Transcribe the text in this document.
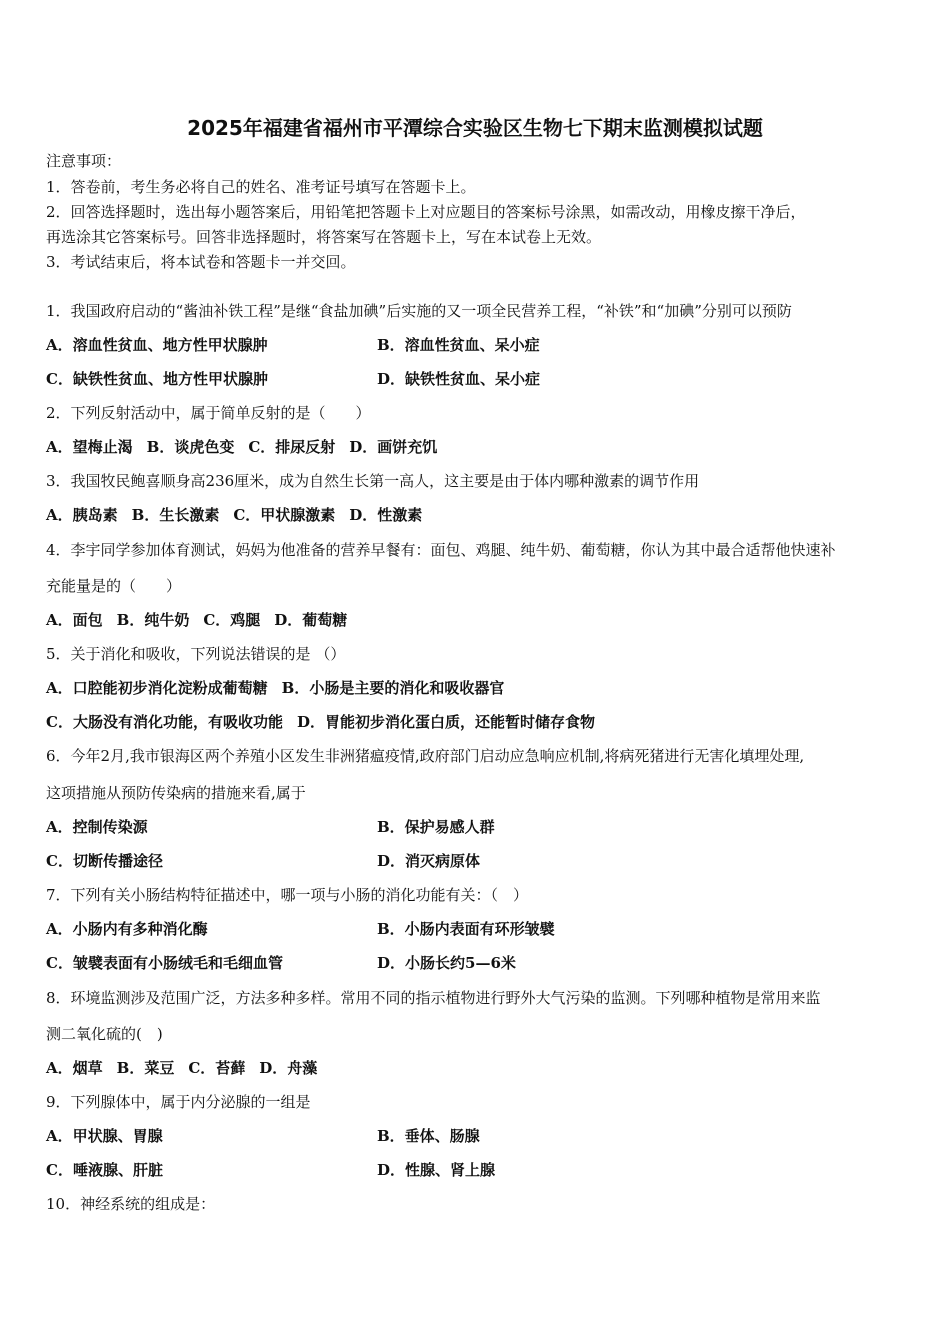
2025年福建省福州市平潭综合实验区生物七下期末监测模拟试题
注意事项：
1．答卷前，考生务必将自己的姓名、准考证号填写在答题卡上。
2．回答选择题时，选出每小题答案后，用铅笔把答题卡上对应题目的答案标号涂黑，如需改动，用橡皮擦干净后，
再选涂其它答案标号。回答非选择题时，将答案写在答题卡上，写在本试卷上无效。
3．考试结束后，将本试卷和答题卡一并交回。
1．我国政府启动的“酱油补铁工程”是继“食盐加碘”后实施的又一项全民营养工程，“补铁”和“加碘”分别可以预防
A．溶血性贫血、地方性甲状腺肿	B．溶血性贫血、呆小症
C．缺铁性贫血、地方性甲状腺肿	D．缺铁性贫血、呆小症
2．下列反射活动中，属于简单反射的是（　　）
A．望梅止渴 B．谈虎色变 C．排尿反射 D．画饼充饥
3．我国牧民鲍喜顺身高236厘米，成为自然生长第一高人，这主要是由于体内哪种激素的调节作用
A．胰岛素 B．生长激素 C．甲状腺激素 D．性激素
4．李宇同学参加体育测试，妈妈为他准备的营养早餐有：面包、鸡腿、纯牛奶、葡萄糖，你认为其中最合适帮他快速补
充能量是的（　　）
A．面包 B．纯牛奶 C．鸡腿 D．葡萄糖
5．关于消化和吸收，下列说法错误的是 （）
A．口腔能初步消化淀粉成葡萄糖 B．小肠是主要的消化和吸收器官
C．大肠没有消化功能，有吸收功能 D．胃能初步消化蛋白质，还能暂时储存食物
6．今年2月,我市银海区两个养殖小区发生非洲猪瘟疫情,政府部门启动应急响应机制,将病死猪进行无害化填埋处理,
这项措施从预防传染病的措施来看,属于
A．控制传染源	B．保护易感人群
C．切断传播途径	D．消灭病原体
7．下列有关小肠结构特征描述中，哪一项与小肠的消化功能有关：（　）
A．小肠内有多种消化酶	B．小肠内表面有环形皱襞
C．皱襞表面有小肠绒毛和毛细血管	D．小肠长约5—6米
8．环境监测涉及范围广泛，方法多种多样。常用不同的指示植物进行野外大气污染的监测。下列哪种植物是常用来监
测二氧化硫的(　)
A．烟草 B．菜豆 C．苔藓 D．舟藻
9．下列腺体中，属于内分泌腺的一组是
A．甲状腺、胃腺	B．垂体、肠腺
C．唾液腺、肝脏	D．性腺、肾上腺
10．神经系统的组成是：
